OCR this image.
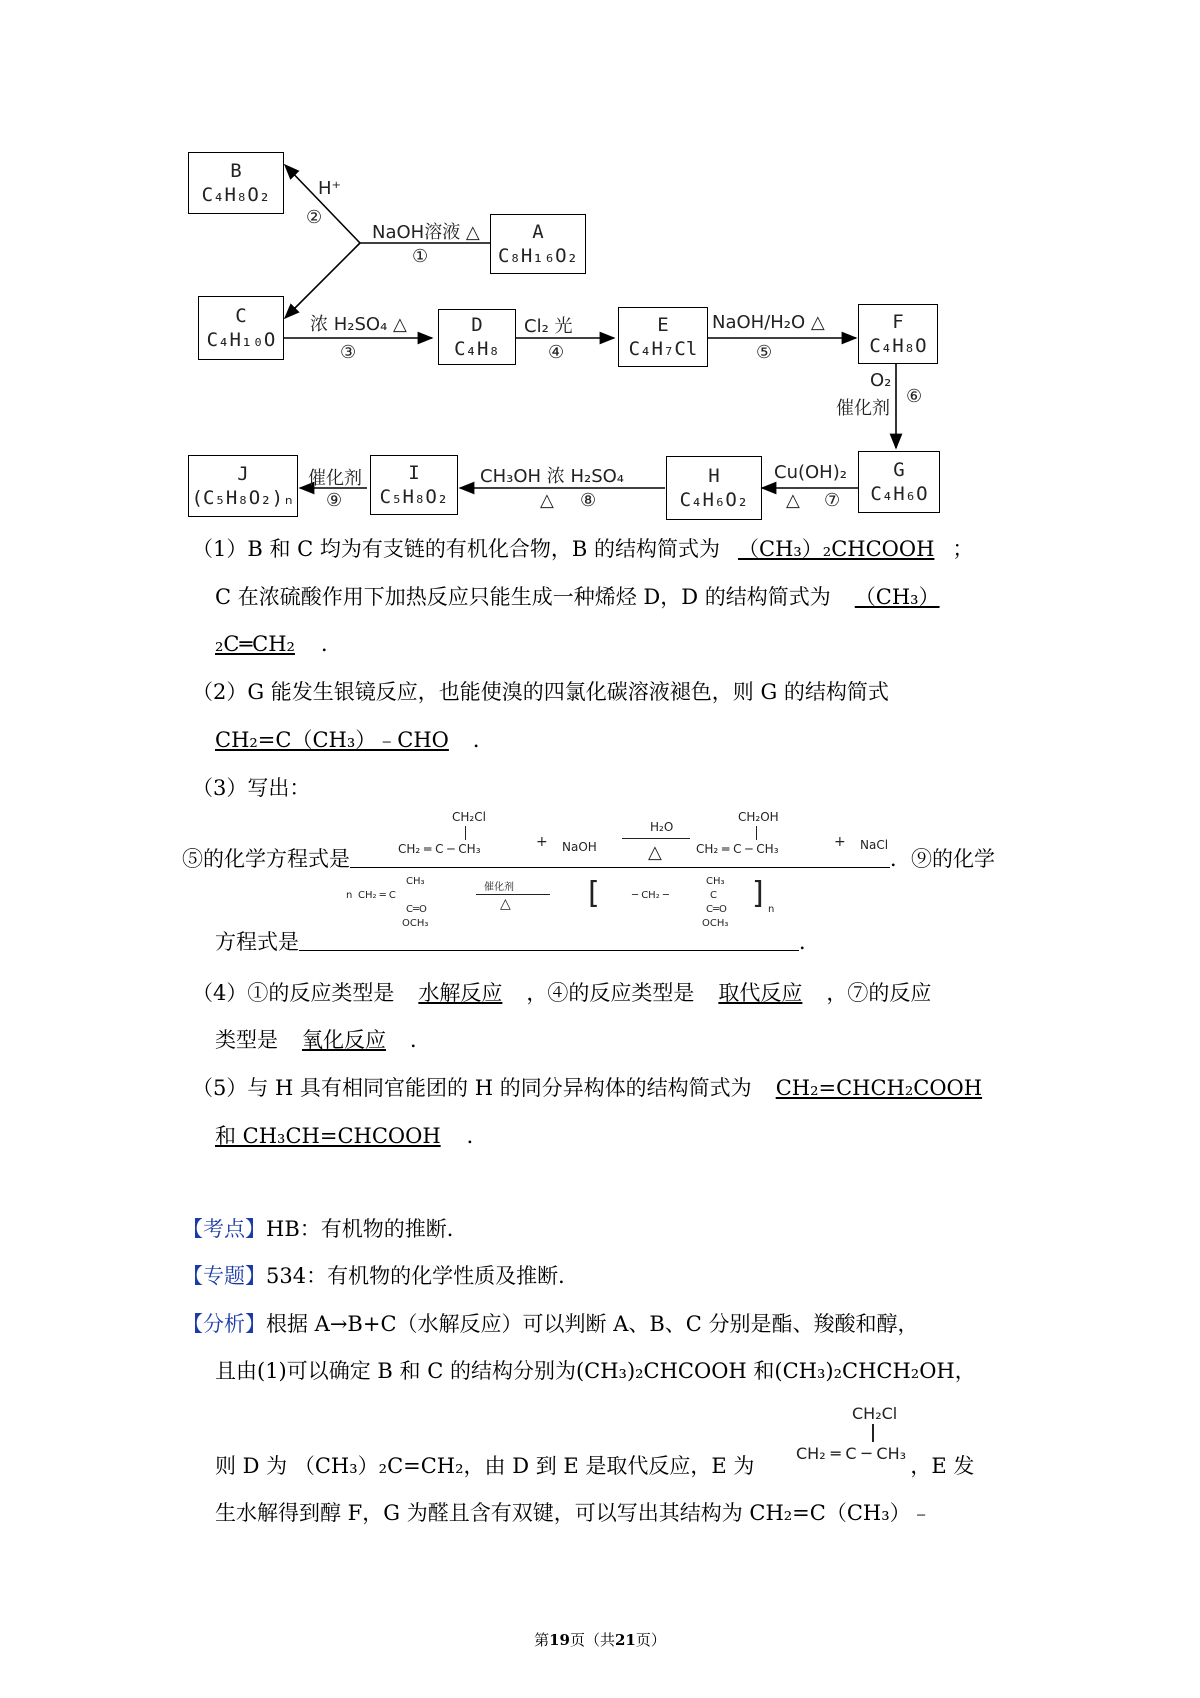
B
C₄H₈O₂
A
C₈H₁₆O₂
C
C₄H₁₀O
D
C₄H₈
E
C₄H₇Cl
F
C₄H₈O
G
C₄H₆O
H
C₄H₆O₂
I
C₅H₈O₂
J
(C₅H₈O₂)ₙ
NaOH溶液 △
①
H⁺
②
浓 H₂SO₄ △
③
Cl₂ 光
④
NaOH/H₂O △
⑤
O₂
催化剂
⑥
Cu(OH)₂
△ ⑦
CH₃OH 浓 H₂SO₄
△ ⑧
催化剂
⑨
（1）B 和 C 均为有支链的有机化合物，B 的结构简式为 （CH₃）₂CHCOOH ；
C 在浓硫酸作用下加热反应只能生成一种烯烃 D，D 的结构简式为 （CH₃）
₂C═CH₂ ．
（2）G 能发生银镜反应，也能使溴的四氯化碳溶液褪色，则 G 的结构简式
CH₂=C（CH₃）﹣CHO ．
（3）写出：
⑤的化学方程式是	．⑨的化学
CH₂Cl
CH₂ ═ C ─ CH₃	+ NaOH
H₂O
△
CH₂OH
CH₂ ═ C ─ CH₃	+ NaCl
CH₃
n CH₂ ═ C
C═O
OCH₃
催化剂
△	[	─ CH₂ ─
CH₃
C
C═O
OCH₃
] n
方程式是	．
（4）①的反应类型是 水解反应 ，④的反应类型是 取代反应 ，⑦的反应
类型是 氧化反应 ．
（5）与 H 具有相同官能团的 H 的同分异构体的结构简式为 CH₂=CHCH₂COOH
和 CH₃CH=CHCOOH ．
【考点】HB：有机物的推断．
【专题】534：有机物的化学性质及推断．
【分析】根据 A→B+C（水解反应）可以判断 A、B、C 分别是酯、羧酸和醇，
且由(1)可以确定 B 和 C 的结构分别为(CH₃)₂CHCOOH 和(CH₃)₂CHCH₂OH，
则 D 为 （CH₃）₂C=CH₂，由 D 到 E 是取代反应，E 为	，E 发
CH₂Cl
CH₂ ═ C ─ CH₃
生水解得到醇 F，G 为醛且含有双键，可以写出其结构为 CH₂=C（CH₃）﹣
第19页（共21页）
